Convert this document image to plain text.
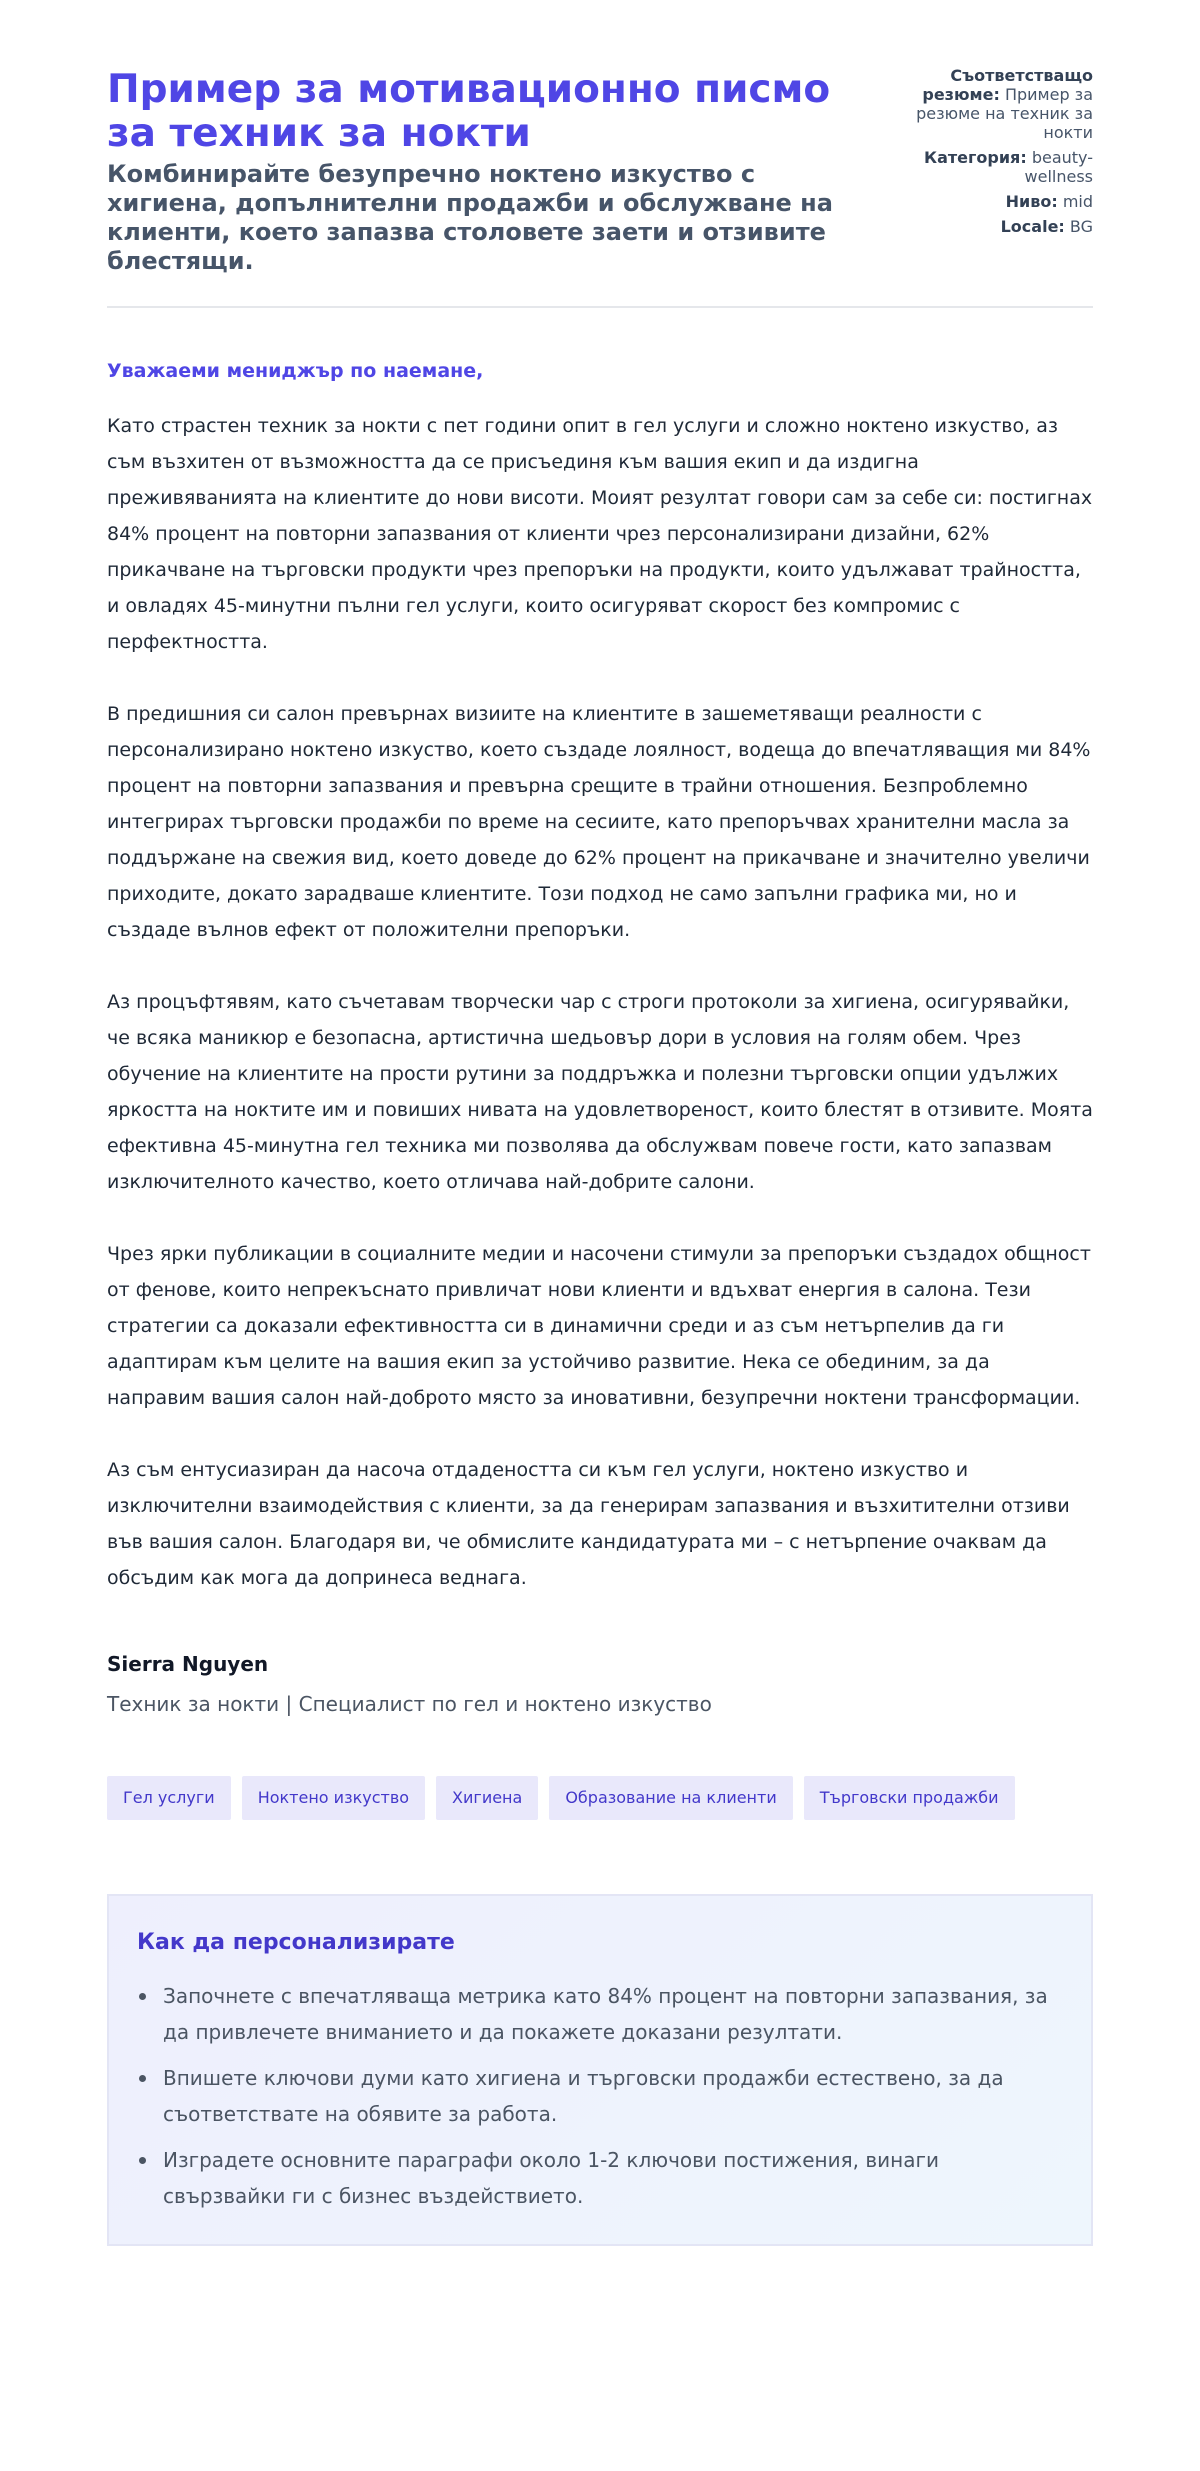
Пример за мотивационно писмо за техник за нокти
Комбинирайте безупречно ноктено изкуство с хигиена, допълнителни продажби и обслужване на клиенти, което запазва столовете заети и отзивите блестящи.
Съответстващо резюме: Пример за резюме на техник за нокти
Категория: beauty-wellness
Ниво: mid
Locale: BG

Уважаеми мениджър по наемане,

Като страстен техник за нокти с пет години опит в гел услуги и сложно ноктено изкуство, аз съм възхитен от възможността да се присъединя към вашия екип и да издигна преживяванията на клиентите до нови висоти. Моият резултат говори сам за себе си: постигнах 84% процент на повторни запазвания от клиенти чрез персонализирани дизайни, 62% прикачване на търговски продукти чрез препоръки на продукти, които удължават трайността, и овладях 45-минутни пълни гел услуги, които осигуряват скорост без компромис с перфектността.

В предишния си салон превърнах визиите на клиентите в зашеметяващи реалности с персонализирано ноктено изкуство, което създаде лоялност, водеща до впечатляващия ми 84% процент на повторни запазвания и превърна срещите в трайни отношения. Безпроблемно интегрирах търговски продажби по време на сесиите, като препоръчвах хранителни масла за поддържане на свежия вид, което доведе до 62% процент на прикачване и значително увеличи приходите, докато зарадваше клиентите. Този подход не само запълни графика ми, но и създаде вълнов ефект от положителни препоръки.

Аз процъфтявям, като съчетавам творчески чар с строги протоколи за хигиена, осигурявайки, че всяка маникюр е безопасна, артистична шедьовър дори в условия на голям обем. Чрез обучение на клиентите на прости рутини за поддръжка и полезни търговски опции удължих яркостта на ноктите им и повиших нивата на удовлетвореност, които блестят в отзивите. Моята ефективна 45-минутна гел техника ми позволява да обслужвам повече гости, като запазвам изключителното качество, което отличава най-добрите салони.

Чрез ярки публикации в социалните медии и насочени стимули за препоръки създадох общност от фенове, които непрекъснато привличат нови клиенти и вдъхват енергия в салона. Тези стратегии са доказали ефективността си в динамични среди и аз съм нетърпелив да ги адаптирам към целите на вашия екип за устойчиво развитие. Нека се обединим, за да направим вашия салон най-доброто място за иновативни, безупречни ноктени трансформации.

Аз съм ентусиазиран да насоча отдадеността си към гел услуги, ноктено изкуство и изключителни взаимодействия с клиенти, за да генерирам запазвания и възхитителни отзиви във вашия салон. Благодаря ви, че обмислите кандидатурата ми – с нетърпение очаквам да обсъдим как мога да допринеса веднага.

Sierra Nguyen
Техник за нокти | Специалист по гел и ноктено изкуство
Гел услуги	Ноктено изкуство	Хигиена	Образование на клиенти	Търговски продажби
Как да персонализирате
Започнете с впечатляваща метрика като 84% процент на повторни запазвания, за да привлечете вниманието и да покажете доказани резултати.
Впишете ключови думи като хигиена и търговски продажби естествено, за да съответствате на обявите за работа.
Изградете основните параграфи около 1-2 ключови постижения, винаги свързвайки ги с бизнес въздействието.
